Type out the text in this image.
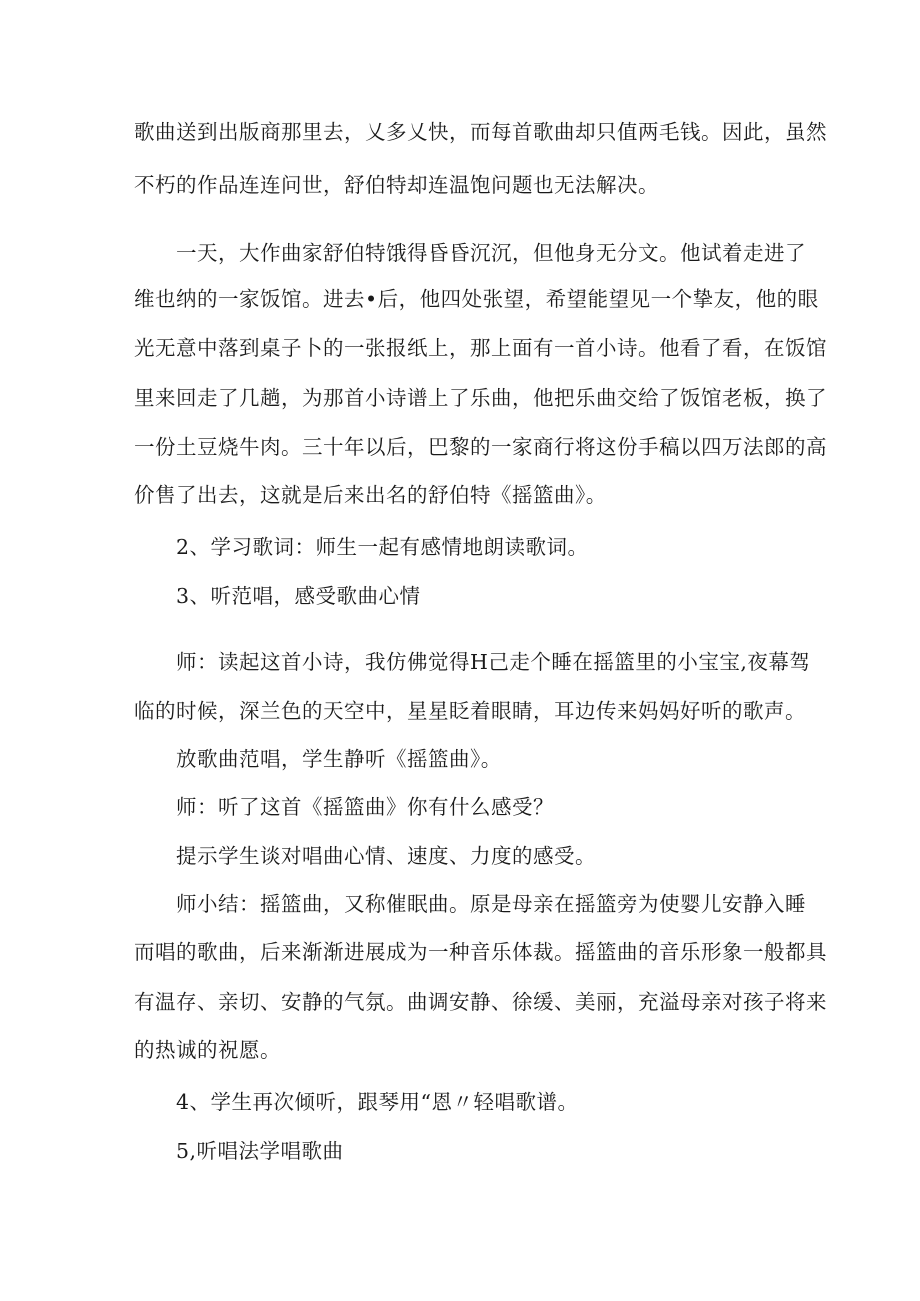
歌曲送到出版商那里去，乂多乂快，而每首歌曲却只值两毛钱。因此，虽然
不朽的作品连连问世，舒伯特却连温饱问题也无法解决。
一天，大作曲家舒伯特饿得昏昏沉沉，但他身无分文。他试着走进了
维也纳的一家饭馆。进去•后，他四处张望，希望能望见一个挚友，他的眼
光无意中落到桌子卜的一张报纸上，那上面有一首小诗。他看了看，在饭馆
里来回走了几趟，为那首小诗谱上了乐曲，他把乐曲交给了饭馆老板，换了
一份土豆烧牛肉。三十年以后，巴黎的一家商行将这份手稿以四万法郎的高
价售了出去，这就是后来出名的舒伯特《摇篮曲》。
2、学习歌词：师生一起有感情地朗读歌词。
3、听范唱，感受歌曲心情
师：读起这首小诗，我仿佛觉得H己走个睡在摇篮里的小宝宝,夜幕驾
临的时候，深兰色的天空中，星星眨着眼睛，耳边传来妈妈好听的歌声。
放歌曲范唱，学生静听《摇篮曲》。
师：听了这首《摇篮曲》你有什么感受？
提示学生谈对唱曲心情、速度、力度的感受。
师小结：摇篮曲，又称催眠曲。原是母亲在摇篮旁为使婴儿安静入睡
而唱的歌曲，后来渐渐进展成为一种音乐体裁。摇篮曲的音乐形象一般都具
有温存、亲切、安静的气氛。曲调安静、徐缓、美丽，充溢母亲对孩子将来
的热诚的祝愿。
4、学生再次倾听，跟琴用“恩〃轻唱歌谱。
5,听唱法学唱歌曲
